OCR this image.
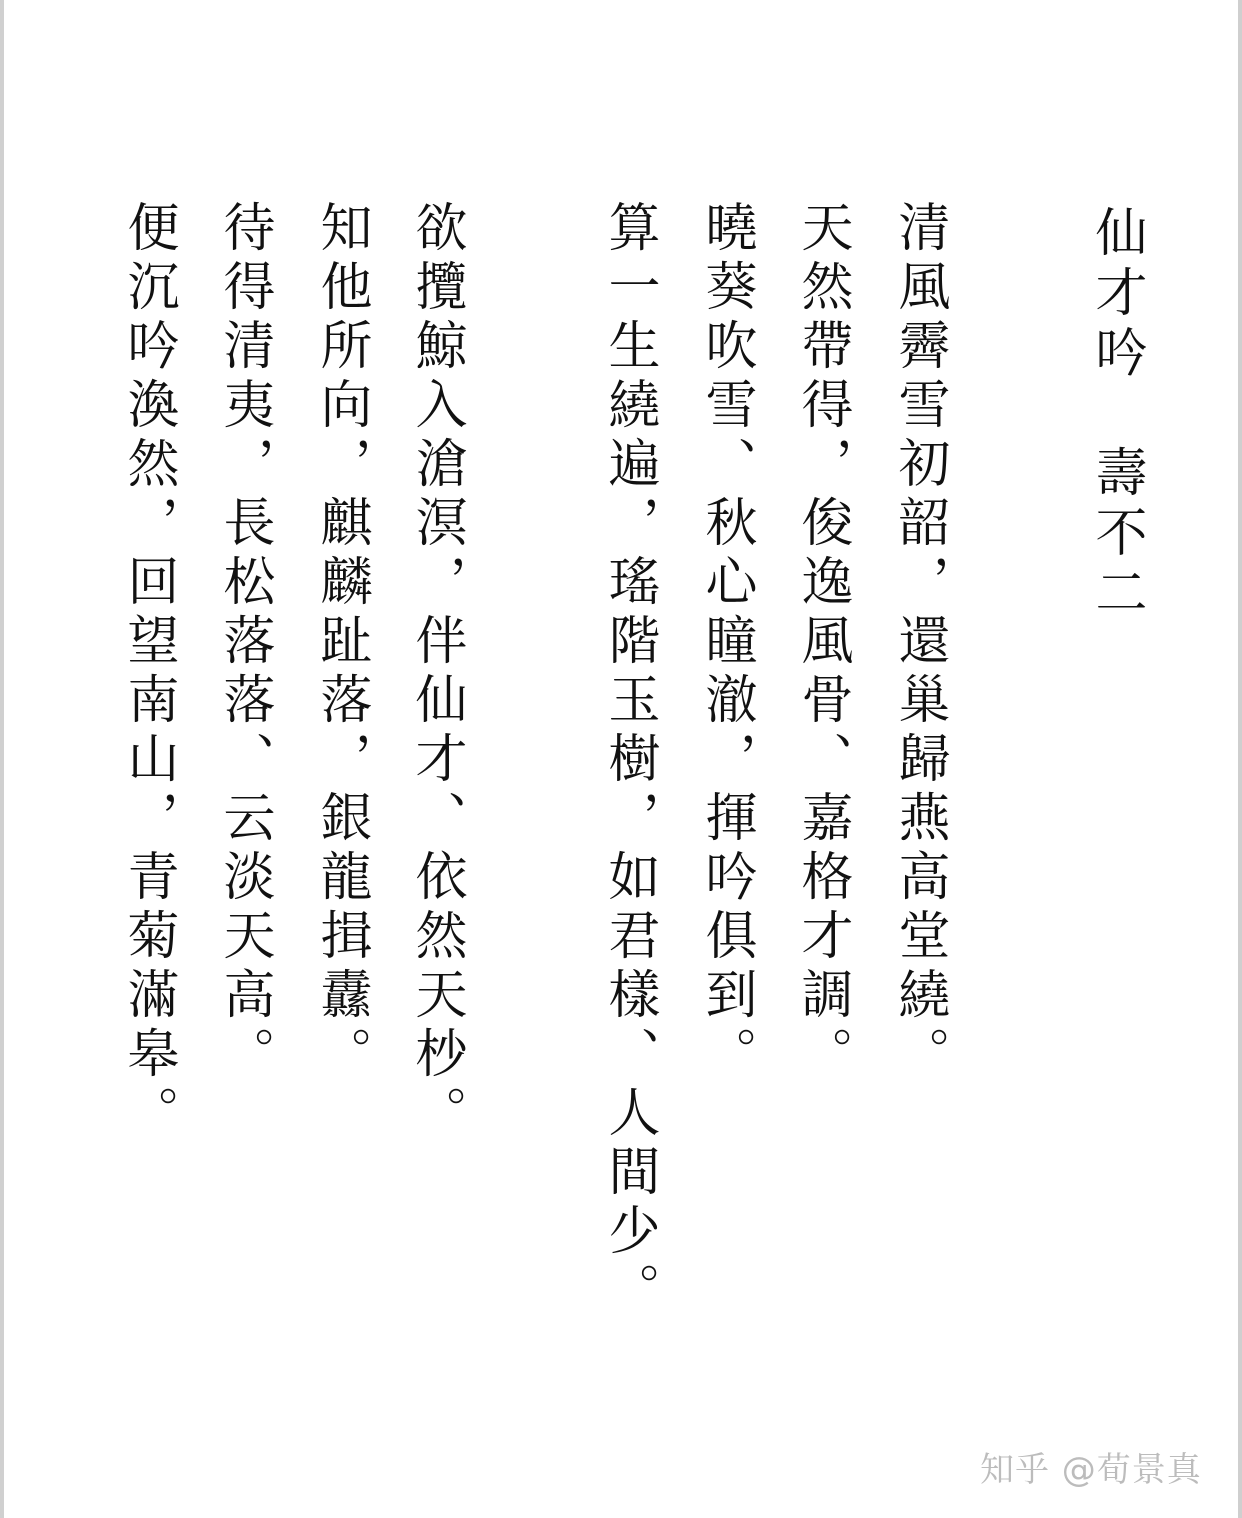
仙才吟　壽不二
清風霽雪初韶，還巢歸燕高堂繞。
天然帶得，俊逸風骨、嘉格才調。
曉葵吹雪、秋心瞳澈，揮吟俱到。
算一生繞遍，瑤階玉樹，如君樣、人間少。
欲攬鯨入滄溟，伴仙才、依然天杪。
知他所向，麒麟趾落，銀龍揖纛。
待得清夷，長松落落、云淡天高。
便沉吟渙然，回望南山，青菊滿皋。
知乎 @荀景真
